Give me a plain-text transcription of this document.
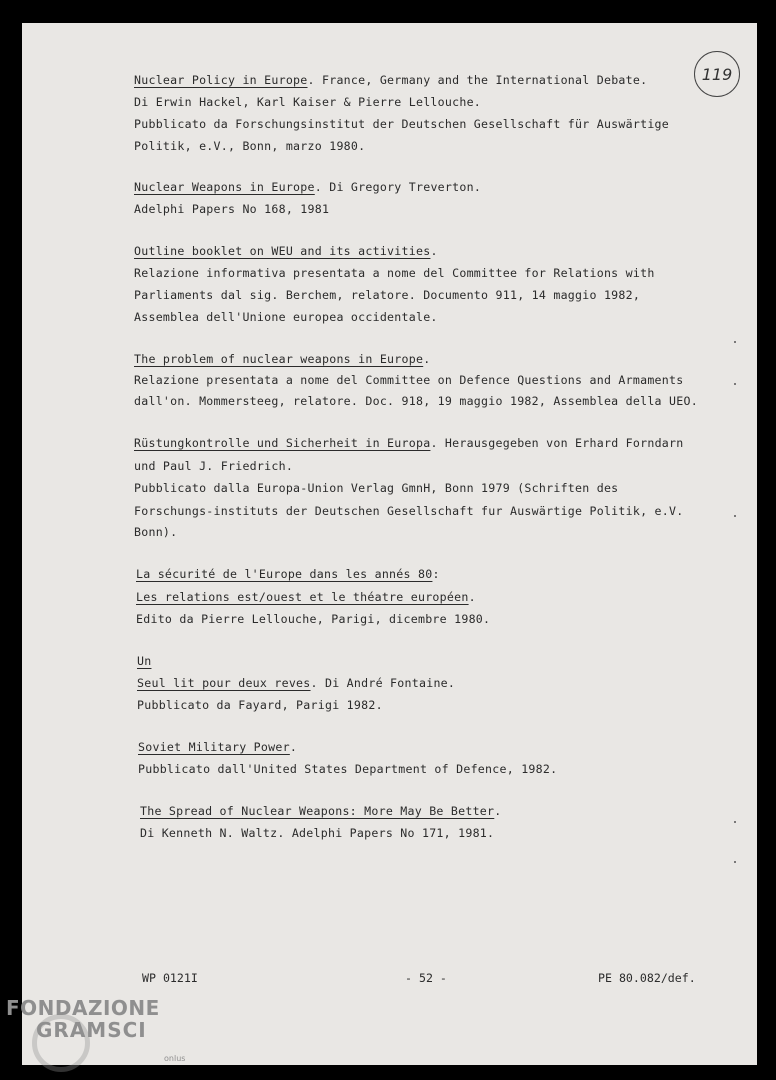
119
Nuclear Policy in Europe. France, Germany and the International Debate.
Di Erwin Hackel, Karl Kaiser & Pierre Lellouche.
Pubblicato da Forschungsinstitut der Deutschen Gesellschaft für Auswärtige
Politik, e.V., Bonn, marzo 1980.
Nuclear Weapons in Europe. Di Gregory Treverton.
Adelphi Papers No 168, 1981
Outline booklet on WEU and its activities.
Relazione informativa presentata a nome del Committee for Relations with
Parliaments dal sig. Berchem, relatore. Documento 911, 14 maggio 1982,
Assemblea dell'Unione europea occidentale.
The problem of nuclear weapons in Europe.
Relazione presentata a nome del Committee on Defence Questions and Armaments
dall'on. Mommersteeg, relatore. Doc. 918, 19 maggio 1982, Assemblea della UEO.
Rüstungkontrolle und Sicherheit in Europa. Herausgegeben von Erhard Forndarn
und Paul J. Friedrich.
Pubblicato dalla Europa-Union Verlag GmnH, Bonn 1979 (Schriften des
Forschungs-instituts der Deutschen Gesellschaft fur Auswärtige Politik, e.V.
Bonn).
La sécurité de l'Europe dans les annés 80:
Les relations est/ouest et le théatre européen.
Edito da Pierre Lellouche, Parigi, dicembre 1980.
Un
Seul lit pour deux reves. Di André Fontaine.
Pubblicato da Fayard, Parigi 1982.
Soviet Military Power.
Pubblicato dall'United States Department of Defence, 1982.
The Spread of Nuclear Weapons: More May Be Better.
Di Kenneth N. Waltz. Adelphi Papers No 171, 1981.
WP 0121I	- 52 -	PE 80.082/def.
FONDAZIONE
GRAMSCI
onlus
